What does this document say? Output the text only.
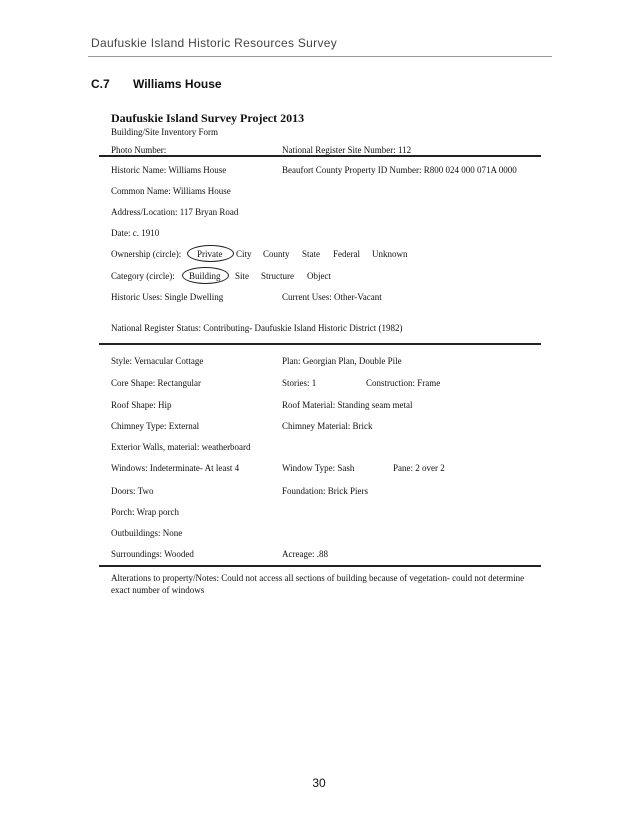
Daufuskie Island Historic Resources Survey
C.7 Williams House
Daufuskie Island Survey Project 2013
Building/Site Inventory Form
Photo Number:	National Register Site Number: 112
Historic Name: Williams House	Beaufort County Property ID Number: R800 024 000 071A 0000
Common Name: Williams House
Address/Location: 117 Bryan Road
Date: c. 1910
Ownership (circle): Private City County State Federal Unknown
Category (circle): Building Site Structure Object
Historic Uses: Single Dwelling	Current Uses: Other-Vacant
National Register Status: Contributing- Daufuskie Island Historic District (1982)
Style: Vernacular Cottage	Plan: Georgian Plan, Double Pile
Core Shape: Rectangular	Stories: 1	Construction: Frame
Roof Shape: Hip	Roof Material: Standing seam metal
Chimney Type: External	Chimney Material: Brick
Exterior Walls, material: weatherboard
Windows: Indeterminate- At least 4	Window Type: Sash	Pane: 2 over 2
Doors: Two	Foundation: Brick Piers
Porch: Wrap porch
Outbuildings: None
Surroundings: Wooded	Acreage: .88
Alterations to property/Notes: Could not access all sections of building because of vegetation- could not determine exact number of windows
30
